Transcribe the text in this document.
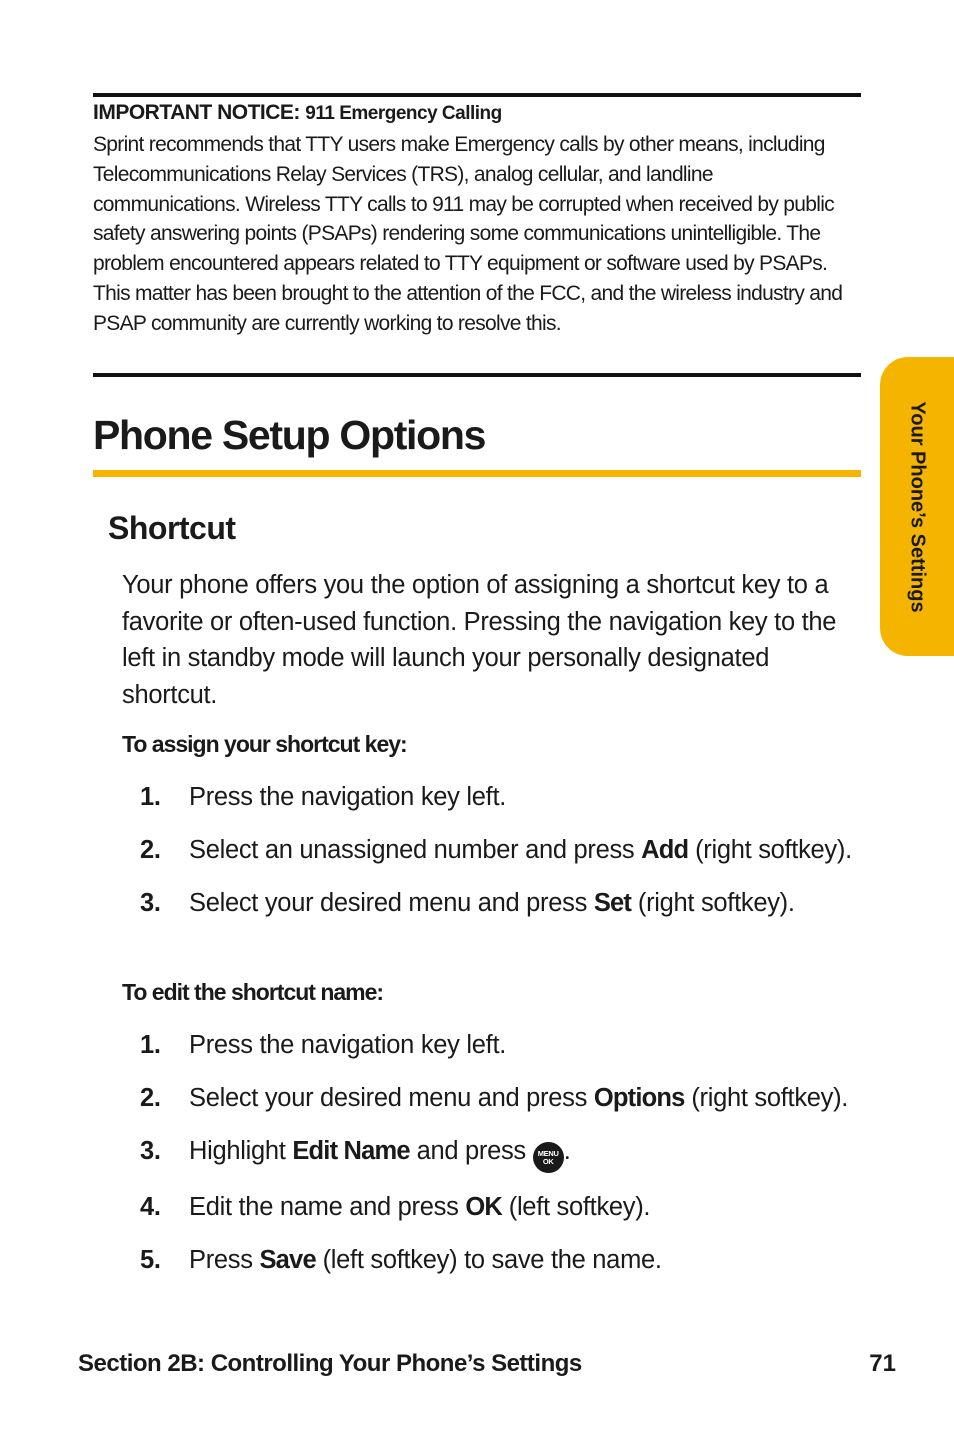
IMPORTANT NOTICE: 911 Emergency Calling
Sprint recommends that TTY users make Emergency calls by other means, including Telecommunications Relay Services (TRS), analog cellular, and landline communications. Wireless TTY calls to 911 may be corrupted when received by public safety answering points (PSAPs) rendering some communications unintelligible. The problem encountered appears related to TTY equipment or software used by PSAPs. This matter has been brought to the attention of the FCC, and the wireless industry and PSAP community are currently working to resolve this.
Your Phone’s Settings
Phone Setup Options
Shortcut
Your phone offers you the option of assigning a shortcut key to a favorite or often-used function. Pressing the navigation key to the left in standby mode will launch your personally designated shortcut.
To assign your shortcut key:
1. Press the navigation key left.
2. Select an unassigned number and press Add (right softkey).
3. Select your desired menu and press Set (right softkey).
To edit the shortcut name:
1. Press the navigation key left.
2. Select your desired menu and press Options (right softkey).
3. Highlight Edit Name and press MENU
OK .
4. Edit the name and press OK (left softkey).
5. Press Save (left softkey) to save the name.
Section 2B: Controlling Your Phone’s Settings	71
